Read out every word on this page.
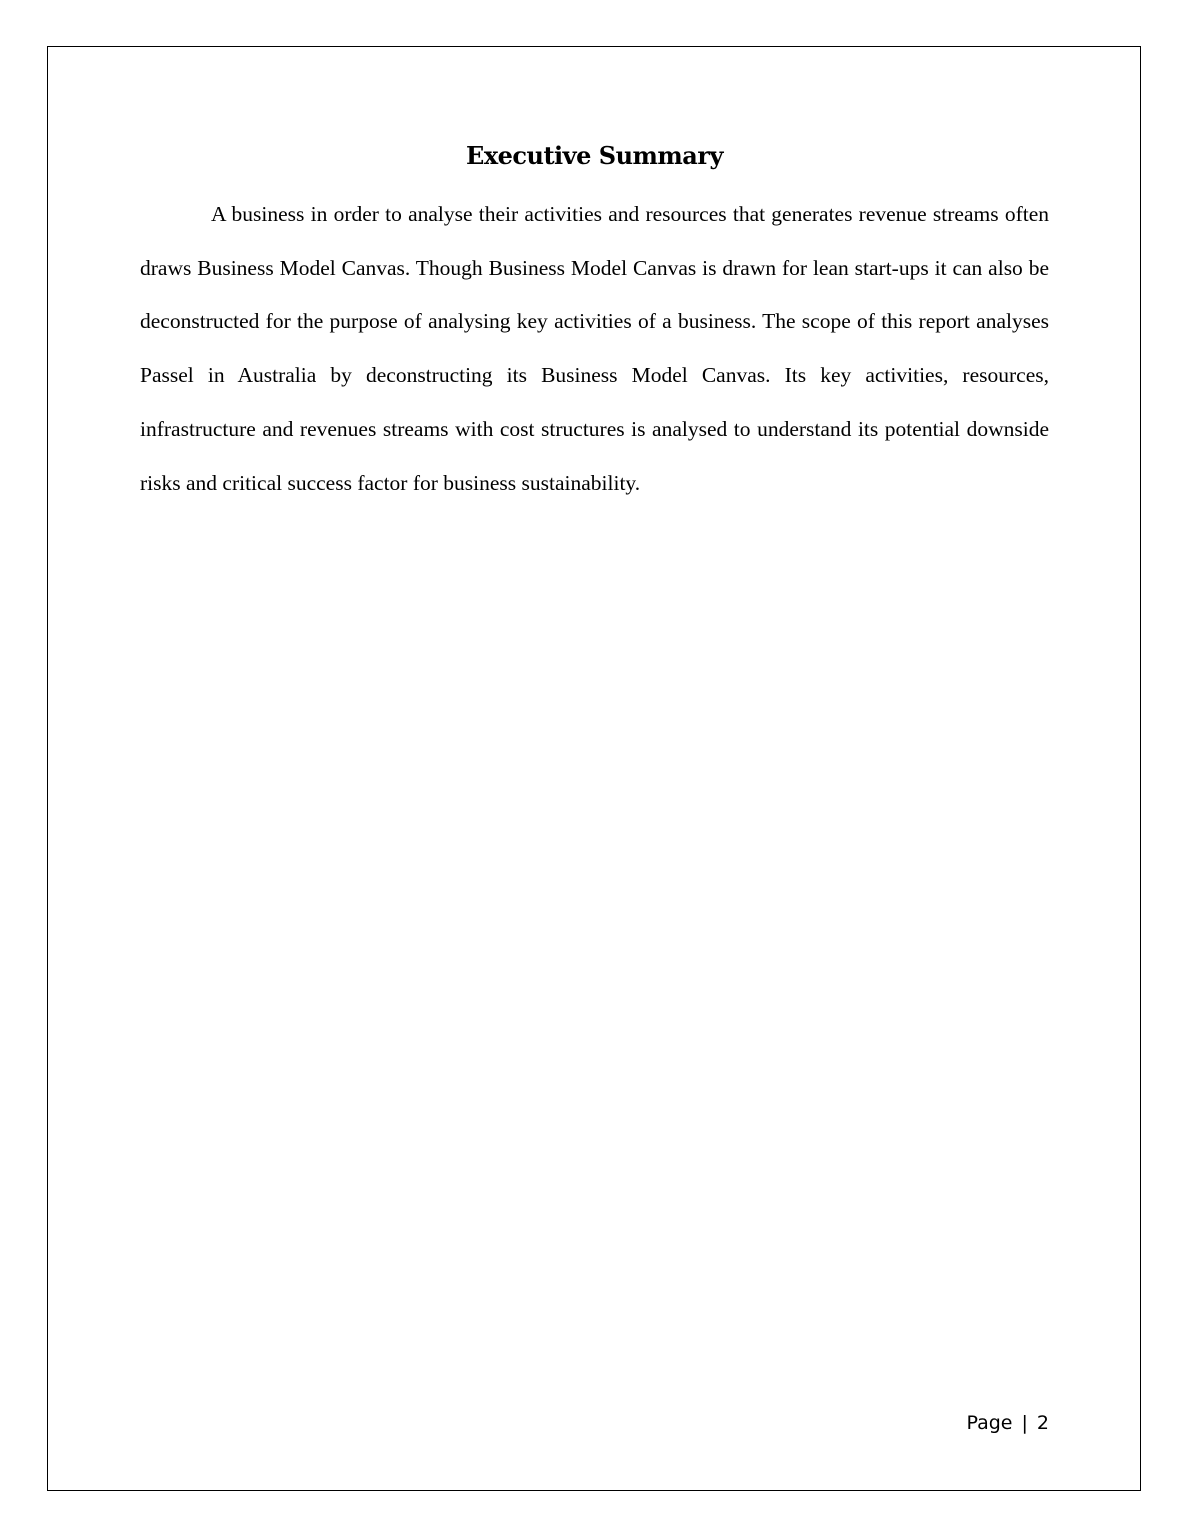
Executive Summary

A business in order to analyse their activities and resources that generates revenue streams often draws Business Model Canvas. Though Business Model Canvas is drawn for lean start-ups it can also be deconstructed for the purpose of analysing key activities of a business. The scope of this report analyses Passel in Australia by deconstructing its Business Model Canvas. Its key activities, resources, infrastructure and revenues streams with cost structures is analysed to understand its potential downside risks and critical success factor for business sustainability.

Page | 2
